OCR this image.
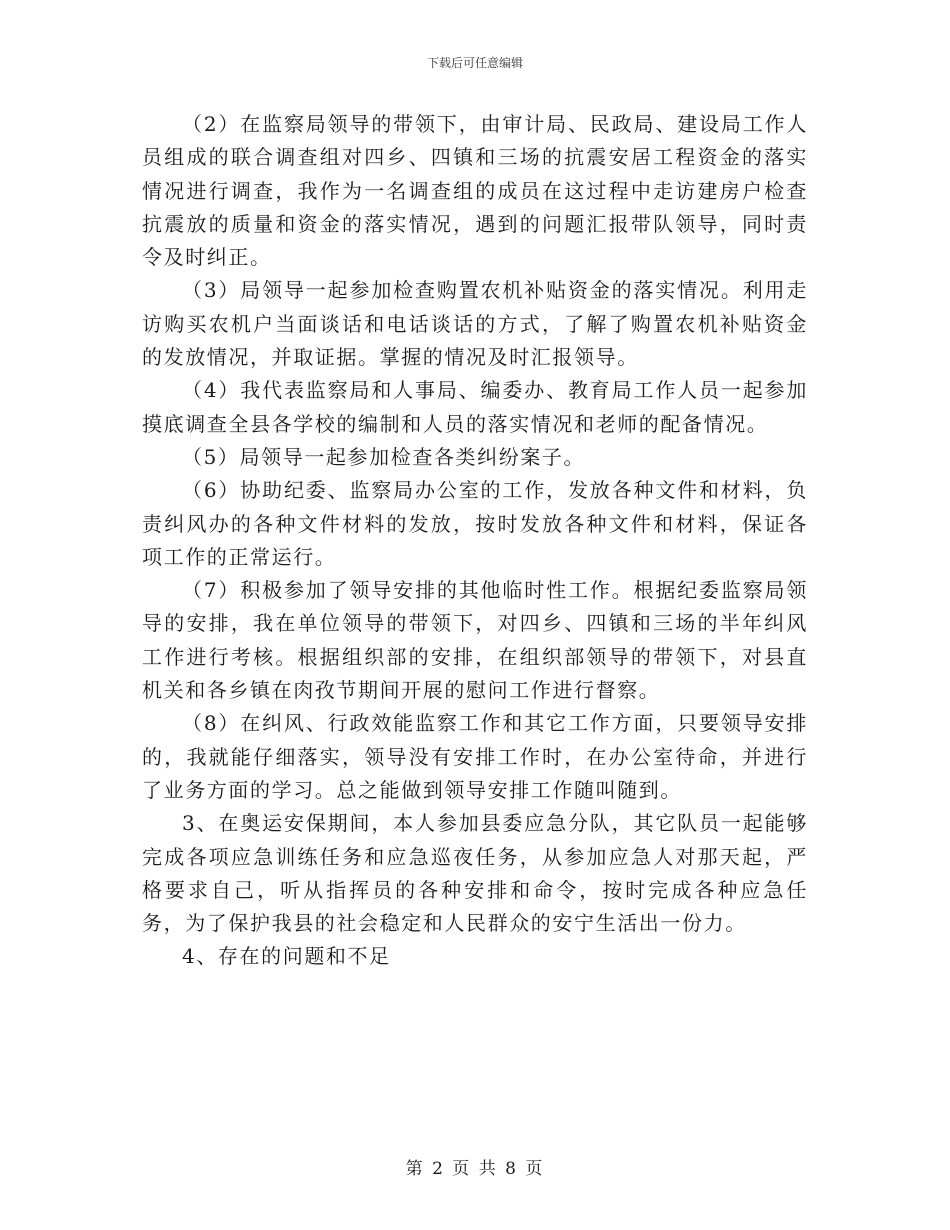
下载后可任意编辑

（2）在监察局领导的带领下，由审计局、民政局、建设局工作人员组成的联合调查组对四乡、四镇和三场的抗震安居工程资金的落实情况进行调查，我作为一名调查组的成员在这过程中走访建房户检查抗震放的质量和资金的落实情况，遇到的问题汇报带队领导，同时责令及时纠正。

（3）局领导一起参加检查购置农机补贴资金的落实情况。利用走访购买农机户当面谈话和电话谈话的方式，了解了购置农机补贴资金的发放情况，并取证据。掌握的情况及时汇报领导。

（4）我代表监察局和人事局、编委办、教育局工作人员一起参加摸底调查全县各学校的编制和人员的落实情况和老师的配备情况。

（5）局领导一起参加检查各类纠纷案子。

（6）协助纪委、监察局办公室的工作，发放各种文件和材料，负责纠风办的各种文件材料的发放，按时发放各种文件和材料，保证各项工作的正常运行。

（7）积极参加了领导安排的其他临时性工作。根据纪委监察局领导的安排，我在单位领导的带领下，对四乡、四镇和三场的半年纠风工作进行考核。根据组织部的安排，在组织部领导的带领下，对县直机关和各乡镇在肉孜节期间开展的慰问工作进行督察。

（8）在纠风、行政效能监察工作和其它工作方面，只要领导安排的，我就能仔细落实，领导没有安排工作时，在办公室待命，并进行了业务方面的学习。总之能做到领导安排工作随叫随到。

3、在奥运安保期间，本人参加县委应急分队，其它队员一起能够完成各项应急训练任务和应急巡夜任务，从参加应急人对那天起，严格要求自己，听从指挥员的各种安排和命令，按时完成各种应急任务，为了保护我县的社会稳定和人民群众的安宁生活出一份力。

4、存在的问题和不足

第 2 页 共 8 页
